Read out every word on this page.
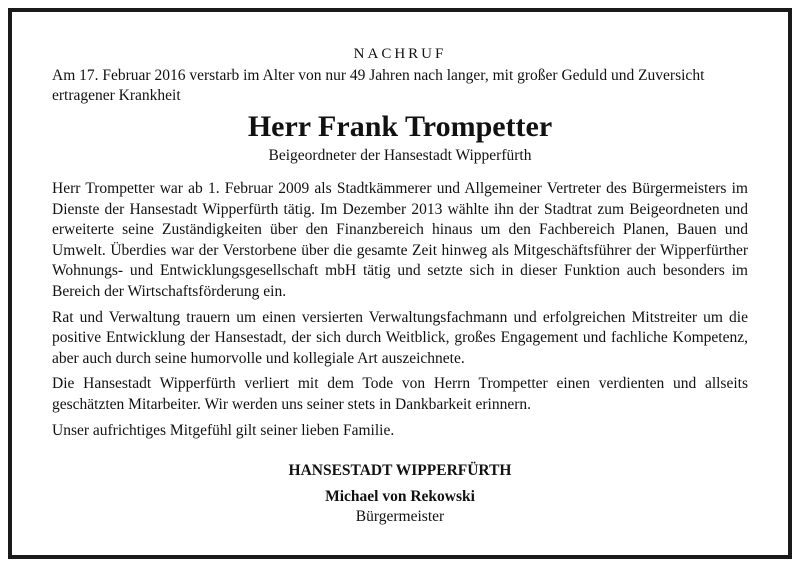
NACHRUF

Am 17. Februar 2016 verstarb im Alter von nur 49 Jahren nach langer, mit großer Geduld und Zuversicht ertragener Krankheit

Herr Frank Trompetter
Beigeordneter der Hansestadt Wipperfürth

Herr Trompetter war ab 1. Februar 2009 als Stadtkämmerer und Allgemeiner Vertreter des Bürgermeisters im Dienste der Hansestadt Wipperfürth tätig. Im Dezember 2013 wählte ihn der Stadtrat zum Beigeordneten und erweiterte seine Zuständigkeiten über den Finanzbereich hinaus um den Fachbereich Planen, Bauen und Umwelt. Überdies war der Verstorbene über die gesamte Zeit hinweg als Mitgeschäftsführer der Wipperfürther Wohnungs- und Entwicklungsgesellschaft mbH tätig und setzte sich in dieser Funktion auch besonders im Bereich der Wirtschaftsförderung ein.

Rat und Verwaltung trauern um einen versierten Verwaltungsfachmann und erfolgreichen Mitstreiter um die positive Entwicklung der Hansestadt, der sich durch Weitblick, großes Engagement und fachliche Kompetenz, aber auch durch seine humorvolle und kollegiale Art auszeichnete.

Die Hansestadt Wipperfürth verliert mit dem Tode von Herrn Trompetter einen verdienten und allseits geschätzten Mitarbeiter. Wir werden uns seiner stets in Dankbarkeit erinnern.

Unser aufrichtiges Mitgefühl gilt seiner lieben Familie.

HANSESTADT WIPPERFÜRTH
Michael von Rekowski
Bürgermeister
